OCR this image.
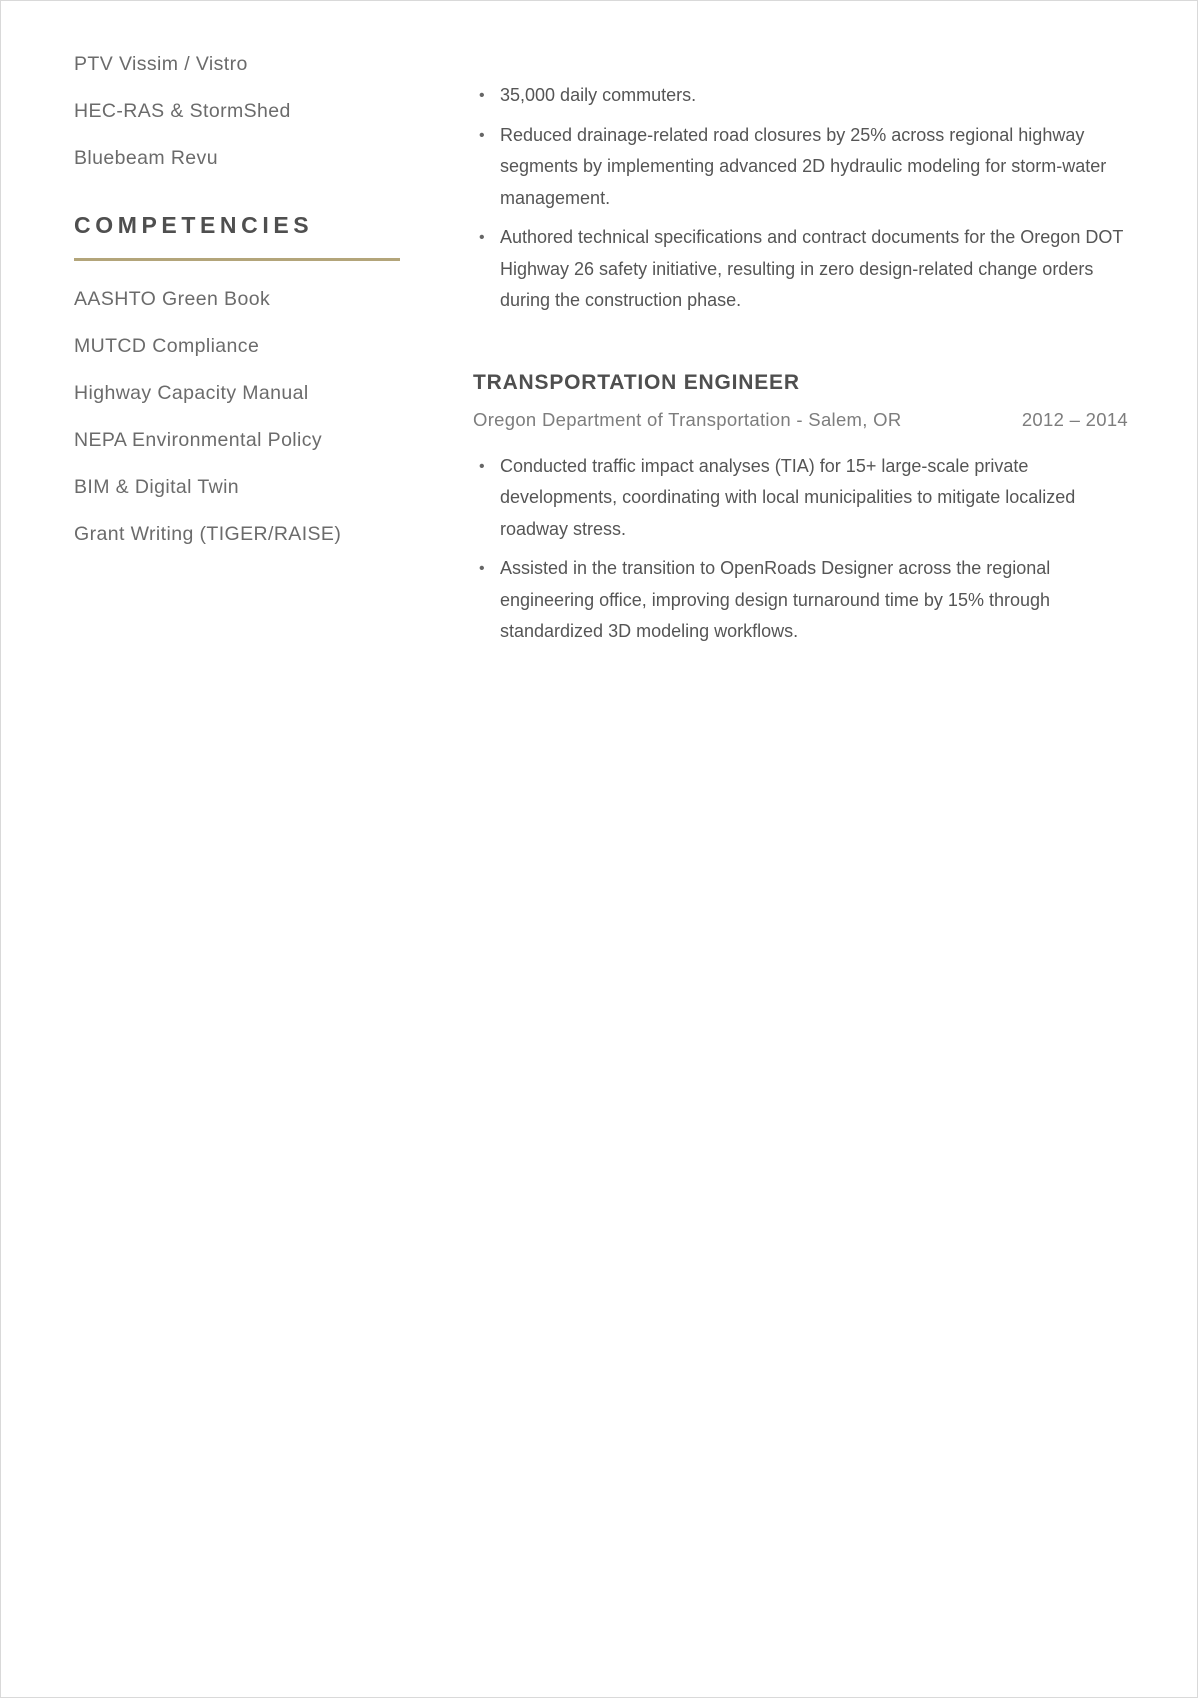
PTV Vissim / Vistro
HEC-RAS & StormShed
Bluebeam Revu
COMPETENCIES
AASHTO Green Book
MUTCD Compliance
Highway Capacity Manual
NEPA Environmental Policy
BIM & Digital Twin
Grant Writing (TIGER/RAISE)
• 35,000 daily commuters.
• Reduced drainage-related road closures by 25% across regional highway segments by implementing advanced 2D hydraulic modeling for storm-water management.
• Authored technical specifications and contract documents for the Oregon DOT Highway 26 safety initiative, resulting in zero design-related change orders during the construction phase.
TRANSPORTATION ENGINEER
Oregon Department of Transportation - Salem, OR	2012 – 2014
• Conducted traffic impact analyses (TIA) for 15+ large-scale private developments, coordinating with local municipalities to mitigate localized roadway stress.
• Assisted in the transition to OpenRoads Designer across the regional engineering office, improving design turnaround time by 15% through standardized 3D modeling workflows.
